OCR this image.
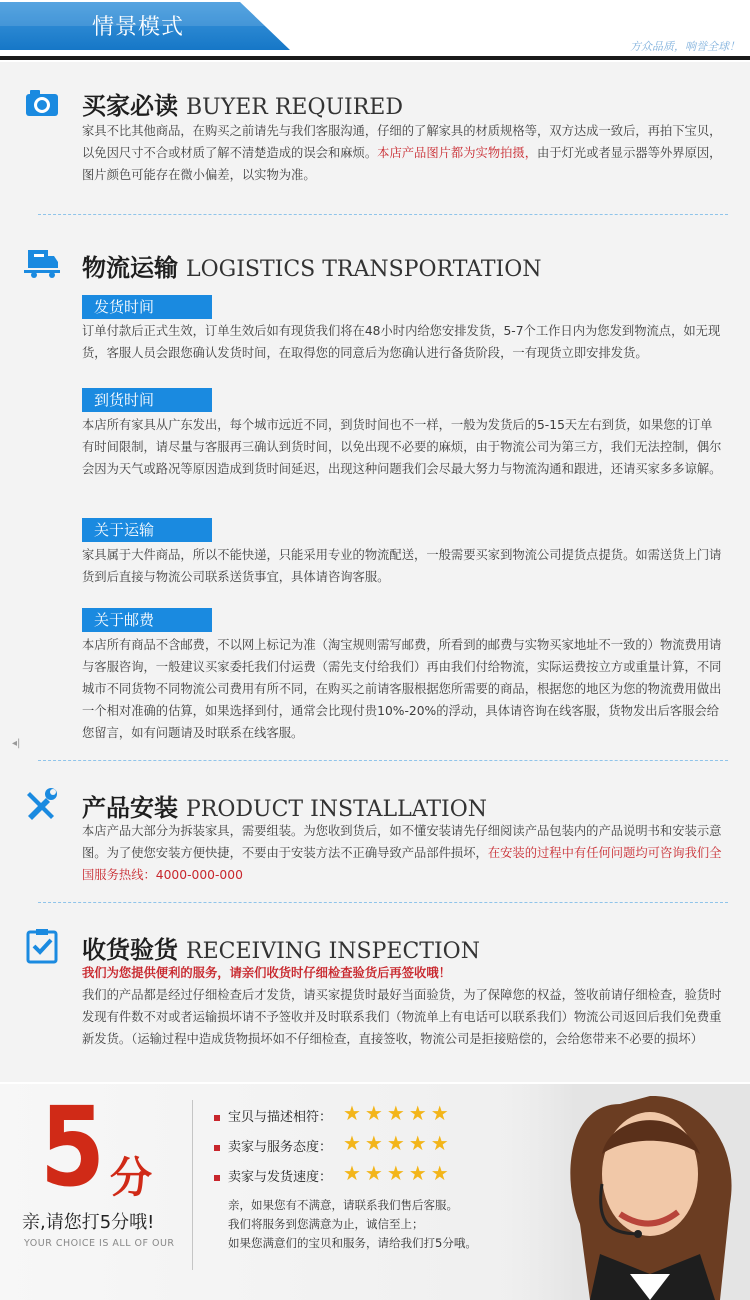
情景模式
方众品质，响誉全球！
买家必读 BUYER REQUIRED
家具不比其他商品，在购买之前请先与我们客服沟通，仔细的了解家具的材质规格等，双方达成一致后，再拍下宝贝，以免因尺寸不合或材质了解不清楚造成的误会和麻烦。本店产品图片都为实物拍摄，由于灯光或者显示器等外界原因，图片颜色可能存在微小偏差，以实物为准。
物流运输 LOGISTICS TRANSPORTATION
发货时间
订单付款后正式生效，订单生效后如有现货我们将在48小时内给您安排发货，5-7个工作日内为您发到物流点，如无现货，客服人员会跟您确认发货时间，在取得您的同意后为您确认进行备货阶段，一有现货立即安排发货。
到货时间
本店所有家具从广东发出，每个城市远近不同，到货时间也不一样，一般为发货后的5-15天左右到货，如果您的订单有时间限制，请尽量与客服再三确认到货时间，以免出现不必要的麻烦，由于物流公司为第三方，我们无法控制，偶尔会因为天气或路况等原因造成到货时间延迟，出现这种问题我们会尽最大努力与物流沟通和跟进，还请买家多多谅解。
关于运输
家具属于大件商品，所以不能快递，只能采用专业的物流配送，一般需要买家到物流公司提货点提货。如需送货上门请货到后直接与物流公司联系送货事宜，具体请咨询客服。
关于邮费
本店所有商品不含邮费，不以网上标记为准（淘宝规则需写邮费，所看到的邮费与实物买家地址不一致的）物流费用请与客服咨询，一般建议买家委托我们付运费（需先支付给我们）再由我们付给物流，实际运费按立方或重量计算，不同城市不同货物不同物流公司费用有所不同，在购买之前请客服根据您所需要的商品，根据您的地区为您的物流费用做出一个相对准确的估算，如果选择到付，通常会比现付贵10%-20%的浮动，具体请咨询在线客服，货物发出后客服会给您留言，如有问题请及时联系在线客服。
◂|
产品安装 PRODUCT INSTALLATION
本店产品大部分为拆装家具，需要组装。为您收到货后，如不懂安装请先仔细阅读产品包装内的产品说明书和安装示意图。为了使您安装方便快捷，不要由于安装方法不正确导致产品部件损坏，在安装的过程中有任何问题均可咨询我们全国服务热线：4000-000-000
收货验货 RECEIVING INSPECTION
我们为您提供便利的服务，请亲们收货时仔细检查验货后再签收哦！
我们的产品都是经过仔细检查后才发货，请买家提货时最好当面验货，为了保障您的权益，签收前请仔细检查，验货时发现有件数不对或者运输损坏请不予签收并及时联系我们（物流单上有电话可以联系我们）物流公司返回后我们免费重新发货。（运输过程中造成货物损坏如不仔细检查，直接签收，物流公司是拒接赔偿的，会给您带来不必要的损坏）
5 分
亲,请您打5分哦!
YOUR CHOICE IS ALL OF OUR
宝贝与描述相符： ★★★★★
卖家与服务态度： ★★★★★
卖家与发货速度： ★★★★★
亲，如果您有不满意，请联系我们售后客服。
我们将服务到您满意为止，诚信至上；
如果您满意们的宝贝和服务，请给我们打5分哦。
